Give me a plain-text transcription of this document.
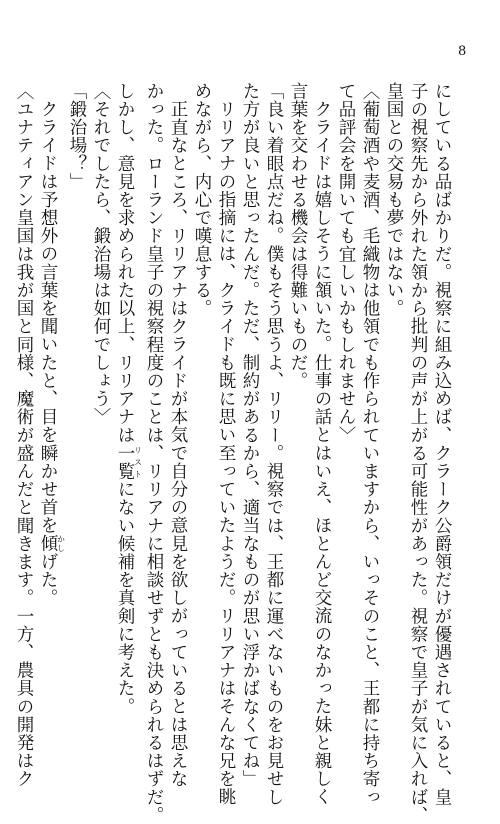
8
にしている品ばかりだ。視察に組み込めば、クラーク公爵領だけが優遇されていると、皇
子の視察先から外れた領から批判の声が上がる可能性があった。視察で皇子が気に入れば、
皇国との交易も夢ではない。
〈葡萄酒や麦酒、毛織物は他領でも作られていますから、いっそのこと、王都に持ち寄っ
て品評会を開いても宜しいかもしれません〉
クライドは嬉しそうに頷いた。仕事の話とはいえ、ほとんど交流のなかった妹と親しく
言葉を交わせる機会は得難いものだ。
「良い着眼点だね。僕もそう思うよ、リリー。視察では、王都に運べないものをお見せし
た方が良いと思ったんだ。ただ、制約があるから、適当なものが思い浮かばなくてね」
リリアナの指摘には、クライドも既に思い至っていたようだ。リリアナはそんな兄を眺
めながら、内心で嘆息する。
正直なところ、リリアナはクライドが本気で自分の意見を欲しがっているとは思えな
かった。ローランド皇子の視察程度のことは、リリアナに相談せずとも決められるはずだ。
しかし、意見を求められた以上、リリアナは一覧リストにない候補を真剣に考えた。
〈それでしたら、鍛治場は如何でしょう〉
「鍛治場？」
クライドは予想外の言葉を聞いたと、目を瞬かせ首を傾かしげた。
〈ユナティアン皇国は我が国と同様、魔術が盛んだと聞きます。一方、農具の開発はク
